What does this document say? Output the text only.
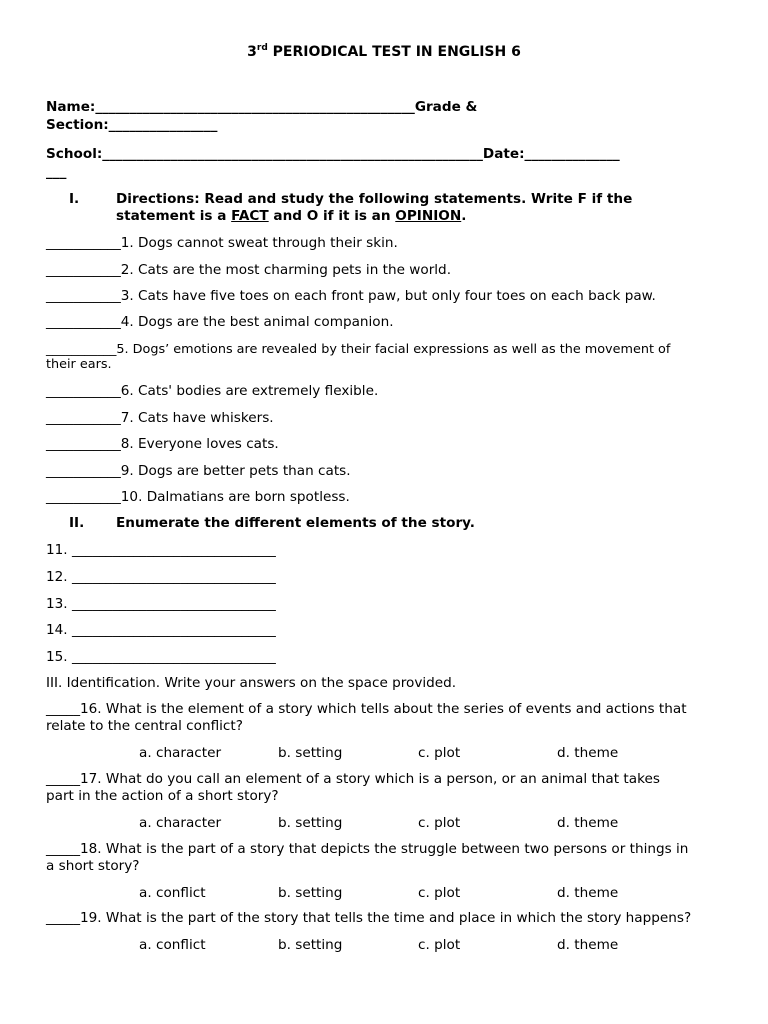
3rd PERIODICAL TEST IN ENGLISH 6
Name:_______________________________________________Grade &
Section:________________
School:________________________________________________________Date:______________
___
I.	Directions: Read and study the following statements. Write F if the
statement is a FACT and O if it is an OPINION.
___________1. Dogs cannot sweat through their skin.
___________2. Cats are the most charming pets in the world.
___________3. Cats have five toes on each front paw, but only four toes on each back paw.
___________4. Dogs are the best animal companion.
___________5. Dogs’ emotions are revealed by their facial expressions as well as the movement of
their ears.
___________6. Cats' bodies are extremely flexible.
___________7. Cats have whiskers.
___________8. Everyone loves cats.
___________9. Dogs are better pets than cats.
___________10. Dalmatians are born spotless.
II. Enumerate the different elements of the story.
11. ______________________________
12. ______________________________
13. ______________________________
14. ______________________________
15. ______________________________
III. Identification. Write your answers on the space provided.
_____16. What is the element of a story which tells about the series of events and actions that
relate to the central conflict?
a. character	b. setting	c. plot	d. theme
_____17. What do you call an element of a story which is a person, or an animal that takes
part in the action of a short story?
a. character	b. setting	c. plot	d. theme
_____18. What is the part of a story that depicts the struggle between two persons or things in
a short story?
a. conflict	b. setting	c. plot	d. theme
_____19. What is the part of the story that tells the time and place in which the story happens?
a. conflict	b. setting	c. plot	d. theme
